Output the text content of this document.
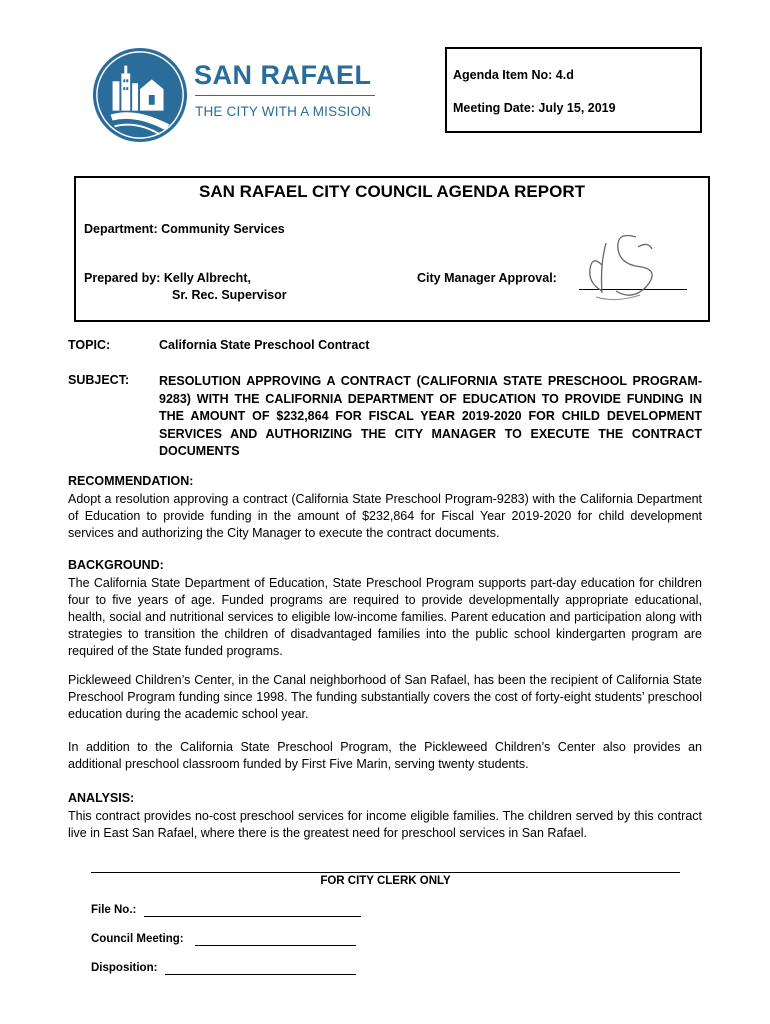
SAN RAFAEL
THE CITY WITH A MISSION
Agenda Item No: 4.d
Meeting Date: July 15, 2019
SAN RAFAEL CITY COUNCIL AGENDA REPORT
Department: Community Services
Prepared by: Kelly Albrecht,
Sr. Rec. Supervisor
City Manager Approval:
TOPIC:	California State Preschool Contract
SUBJECT: RESOLUTION APPROVING A CONTRACT (CALIFORNIA STATE PRESCHOOL PROGRAM-9283) WITH THE CALIFORNIA DEPARTMENT OF EDUCATION TO PROVIDE FUNDING IN THE AMOUNT OF $232,864 FOR FISCAL YEAR 2019-2020 FOR CHILD DEVELOPMENT SERVICES AND AUTHORIZING THE CITY MANAGER TO EXECUTE THE CONTRACT DOCUMENTS
RECOMMENDATION:
Adopt a resolution approving a contract (California State Preschool Program-9283) with the California Department of Education to provide funding in the amount of $232,864 for Fiscal Year 2019-2020 for child development services and authorizing the City Manager to execute the contract documents.
BACKGROUND:
The California State Department of Education, State Preschool Program supports part-day education for children four to five years of age. Funded programs are required to provide developmentally appropriate educational, health, social and nutritional services to eligible low-income families. Parent education and participation along with strategies to transition the children of disadvantaged families into the public school kindergarten program are required of the State funded programs.
Pickleweed Children’s Center, in the Canal neighborhood of San Rafael, has been the recipient of California State Preschool Program funding since 1998. The funding substantially covers the cost of forty-eight students’ preschool education during the academic school year.
In addition to the California State Preschool Program, the Pickleweed Children’s Center also provides an additional preschool classroom funded by First Five Marin, serving twenty students.
ANALYSIS:
This contract provides no-cost preschool services for income eligible families. The children served by this contract live in East San Rafael, where there is the greatest need for preschool services in San Rafael.
FOR CITY CLERK ONLY
File No.:
Council Meeting:
Disposition:
